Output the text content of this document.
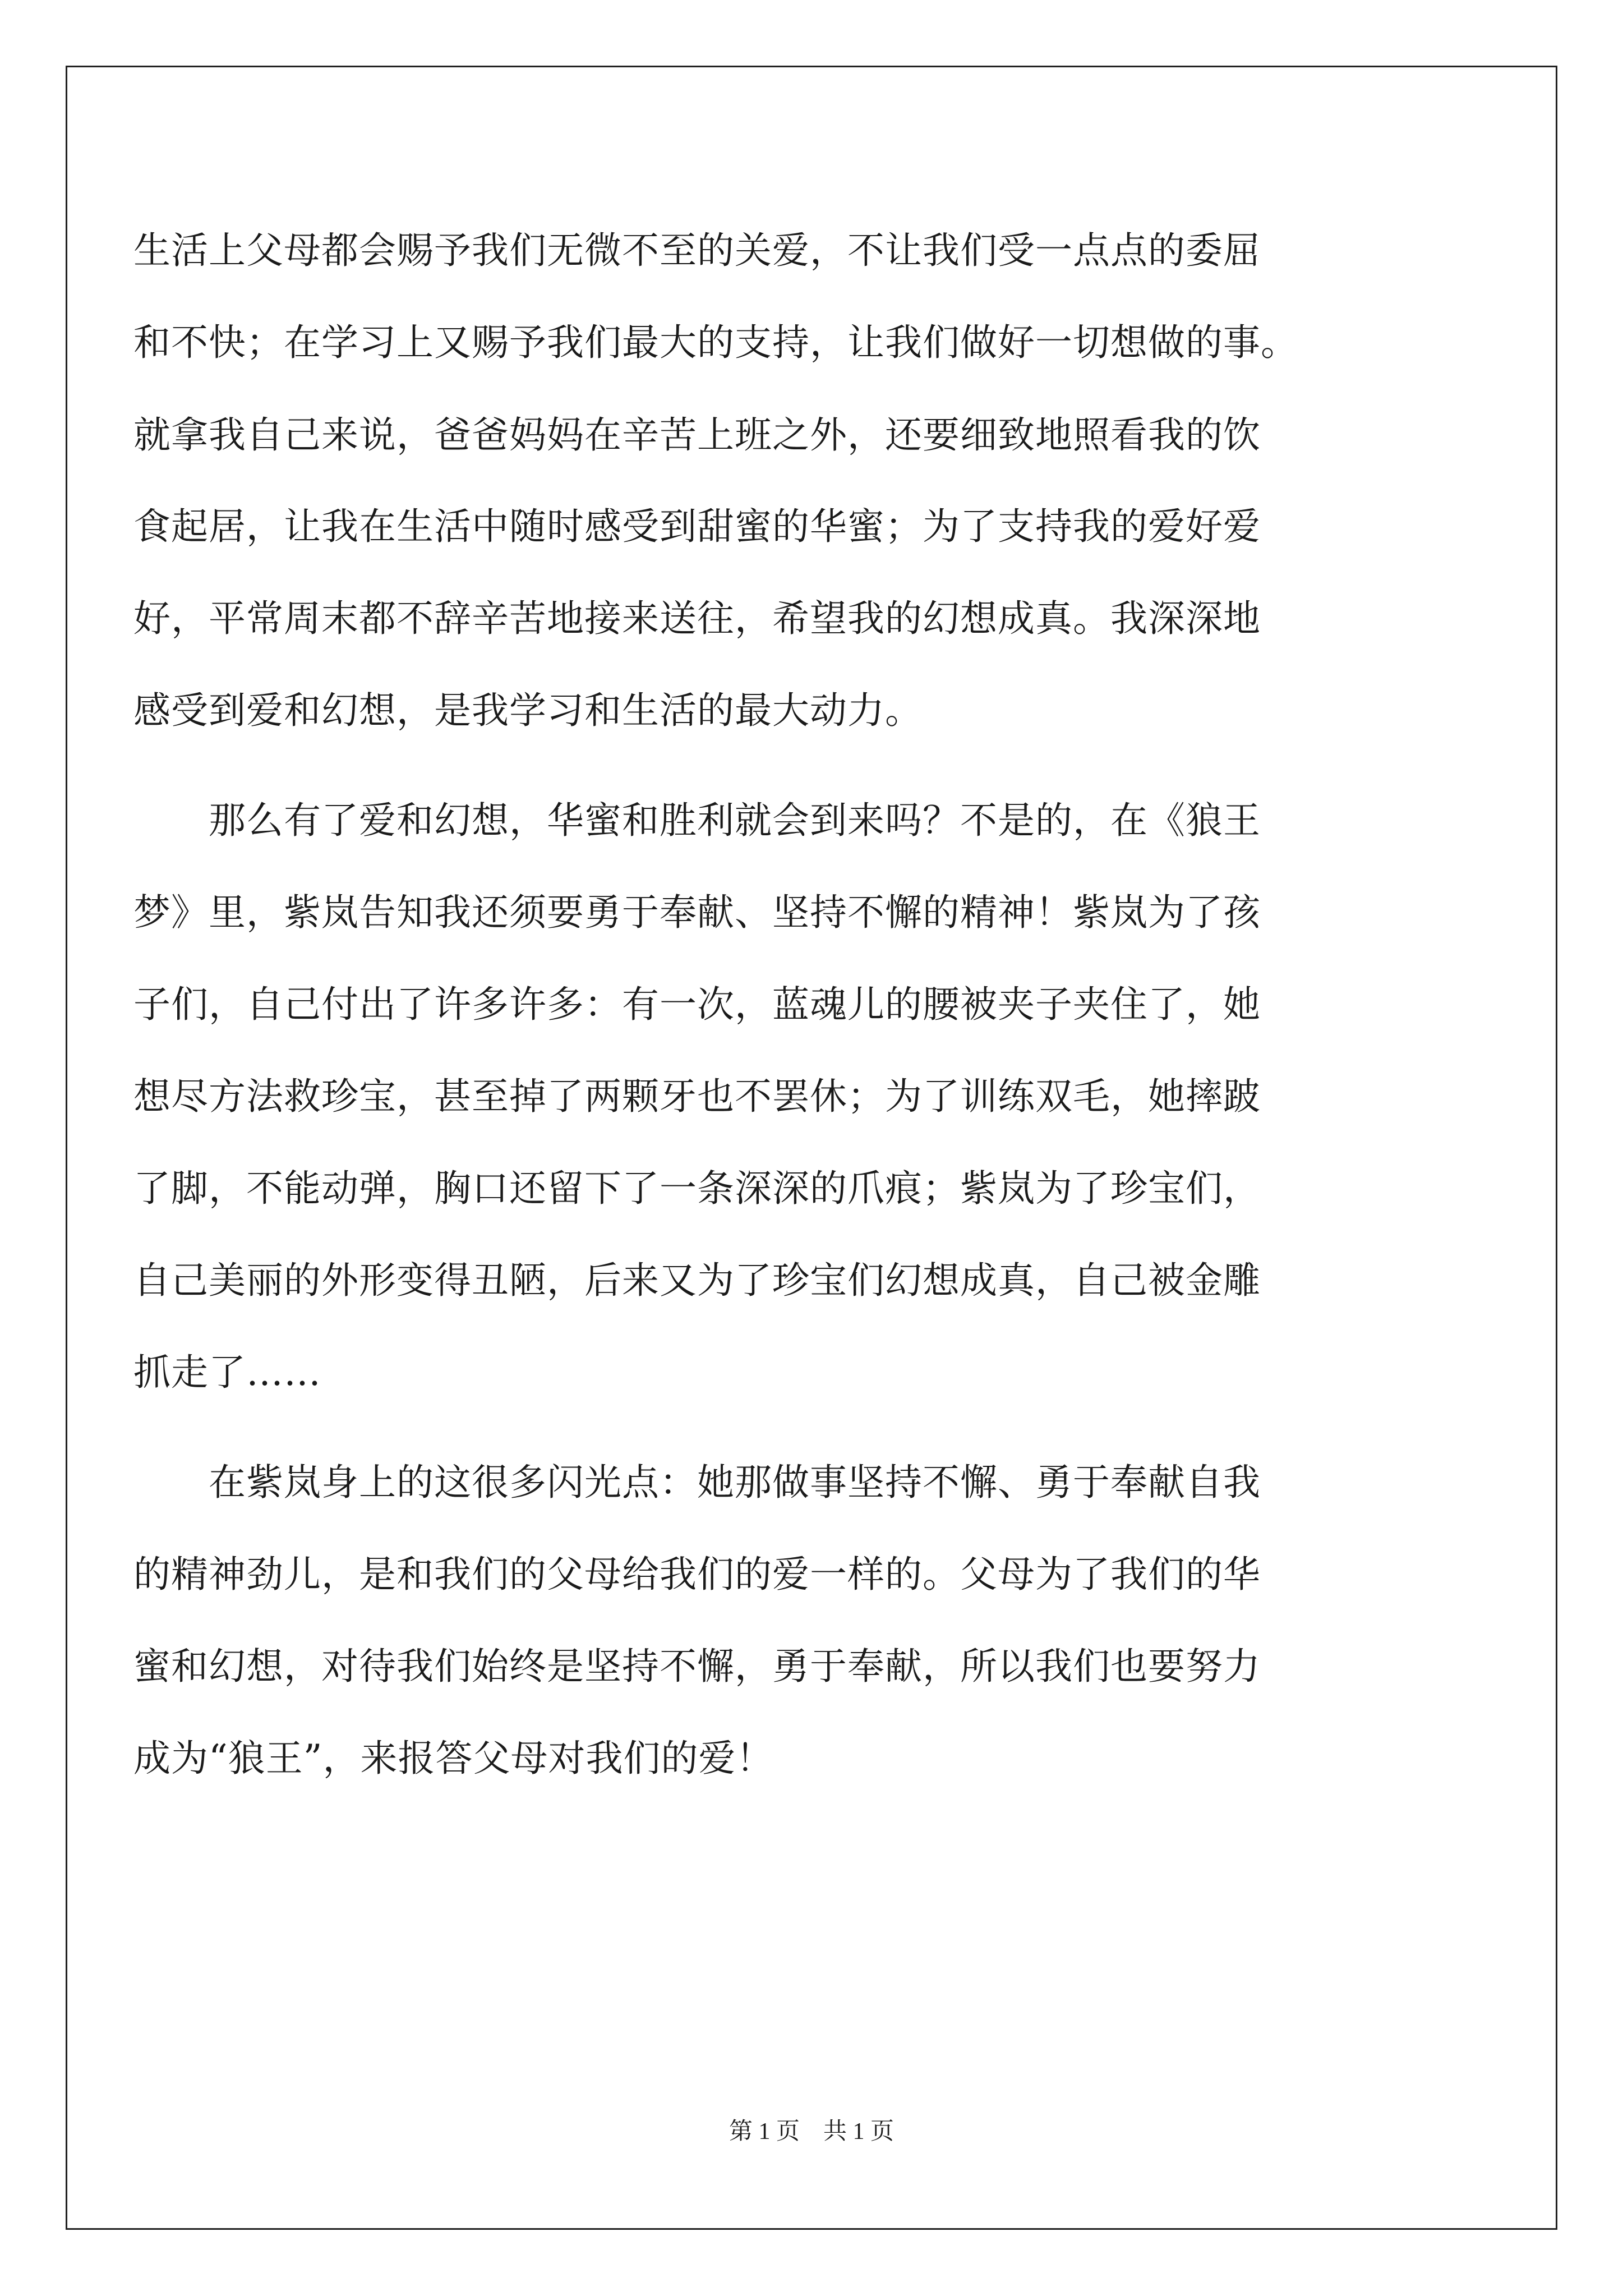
生活上父母都会赐予我们无微不至的关爱，不让我们受一点点的委屈
和不快；在学习上又赐予我们最大的支持，让我们做好一切想做的事。
就拿我自己来说，爸爸妈妈在辛苦上班之外，还要细致地照看我的饮
食起居，让我在生活中随时感受到甜蜜的华蜜；为了支持我的爱好爱
好，平常周末都不辞辛苦地接来送往，希望我的幻想成真。我深深地
感受到爱和幻想，是我学习和生活的最大动力。
　　那么有了爱和幻想，华蜜和胜利就会到来吗？不是的，在《狼王
梦》里，紫岚告知我还须要勇于奉献、坚持不懈的精神！紫岚为了孩
子们，自己付出了许多许多：有一次，蓝魂儿的腰被夹子夹住了，她
想尽方法救珍宝，甚至掉了两颗牙也不罢休；为了训练双毛，她摔跛
了脚，不能动弹，胸口还留下了一条深深的爪痕；紫岚为了珍宝们，
自己美丽的外形变得丑陋，后来又为了珍宝们幻想成真，自己被金雕
抓走了……
　　在紫岚身上的这很多闪光点：她那做事坚持不懈、勇于奉献自我
的精神劲儿，是和我们的父母给我们的爱一样的。父母为了我们的华
蜜和幻想，对待我们始终是坚持不懈，勇于奉献，所以我们也要努力
成为“狼王”，来报答父母对我们的爱！
第 1 页　共 1 页
